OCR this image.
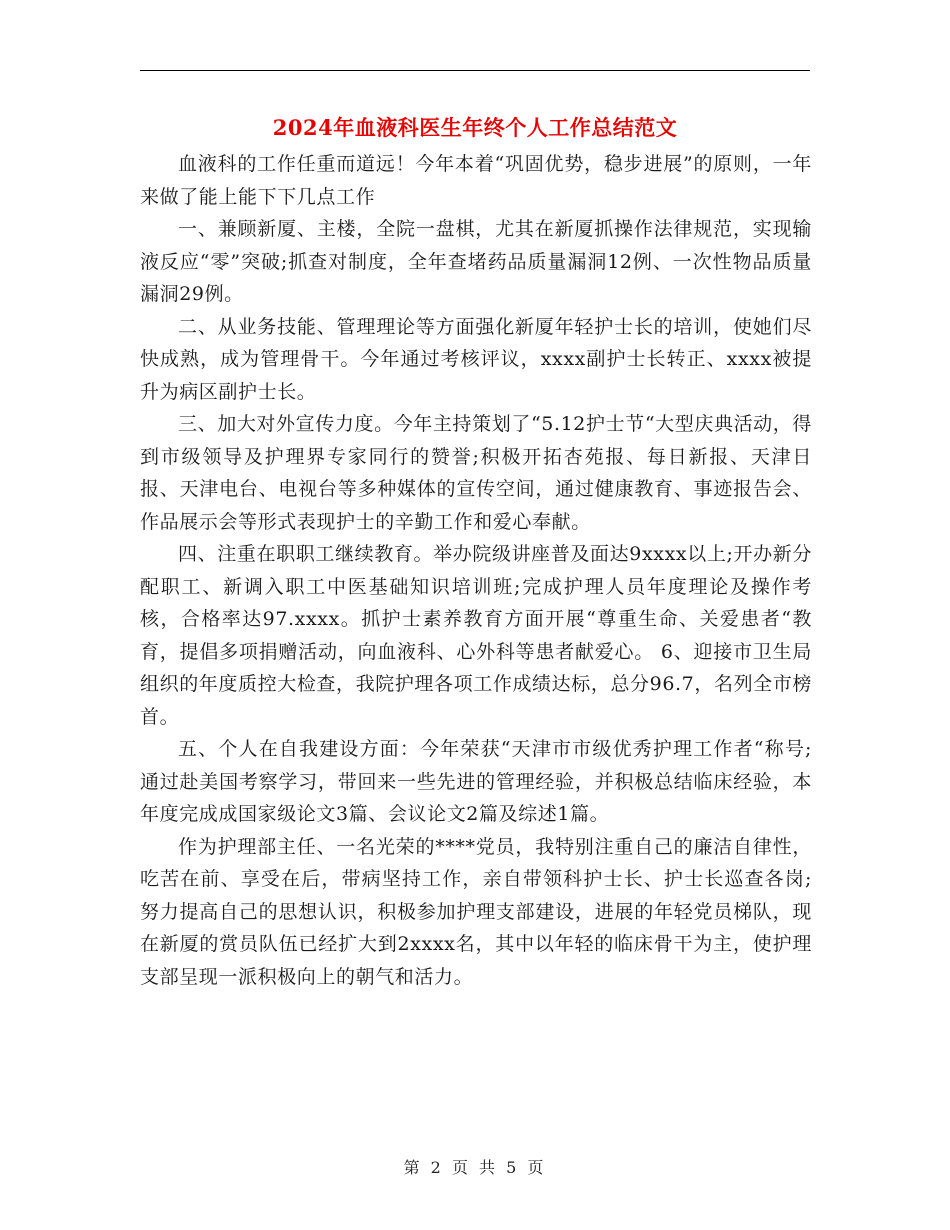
2024年血液科医生年终个人工作总结范文

血液科的工作任重而道远！今年本着“巩固优势，稳步进展”的原则，一年来做了能上能下下几点工作

一、兼顾新厦、主楼，全院一盘棋，尤其在新厦抓操作法律规范，实现输液反应“零”突破;抓查对制度，全年查堵药品质量漏洞12例、一次性物品质量漏洞29例。

二、从业务技能、管理理论等方面强化新厦年轻护士长的培训，使她们尽快成熟，成为管理骨干。今年通过考核评议，xxxx副护士长转正、xxxx被提升为病区副护士长。

三、加大对外宣传力度。今年主持策划了“5.12护士节“大型庆典活动，得到市级领导及护理界专家同行的赞誉;积极开拓杏苑报、每日新报、天津日报、天津电台、电视台等多种媒体的宣传空间，通过健康教育、事迹报告会、作品展示会等形式表现护士的辛勤工作和爱心奉献。

四、注重在职职工继续教育。举办院级讲座普及面达9xxxx以上;开办新分配职工、新调入职工中医基础知识培训班;完成护理人员年度理论及操作考核，合格率达97.xxxx。抓护士素养教育方面开展“尊重生命、关爱患者“教育，提倡多项捐赠活动，向血液科、心外科等患者献爱心。 6、迎接市卫生局组织的年度质控大检查，我院护理各项工作成绩达标，总分96.7，名列全市榜首。

五、个人在自我建设方面：今年荣获“天津市市级优秀护理工作者“称号;通过赴美国考察学习，带回来一些先进的管理经验，并积极总结临床经验，本年度完成成国家级论文3篇、会议论文2篇及综述1篇。

作为护理部主任、一名光荣的****党员，我特别注重自己的廉洁自律性，吃苦在前、享受在后，带病坚持工作，亲自带领科护士长、护士长巡查各岗;努力提高自己的思想认识，积极参加护理支部建设，进展的年轻党员梯队，现在新厦的赏员队伍已经扩大到2xxxx名，其中以年轻的临床骨干为主，使护理支部呈现一派积极向上的朝气和活力。

第 2 页 共 5 页
